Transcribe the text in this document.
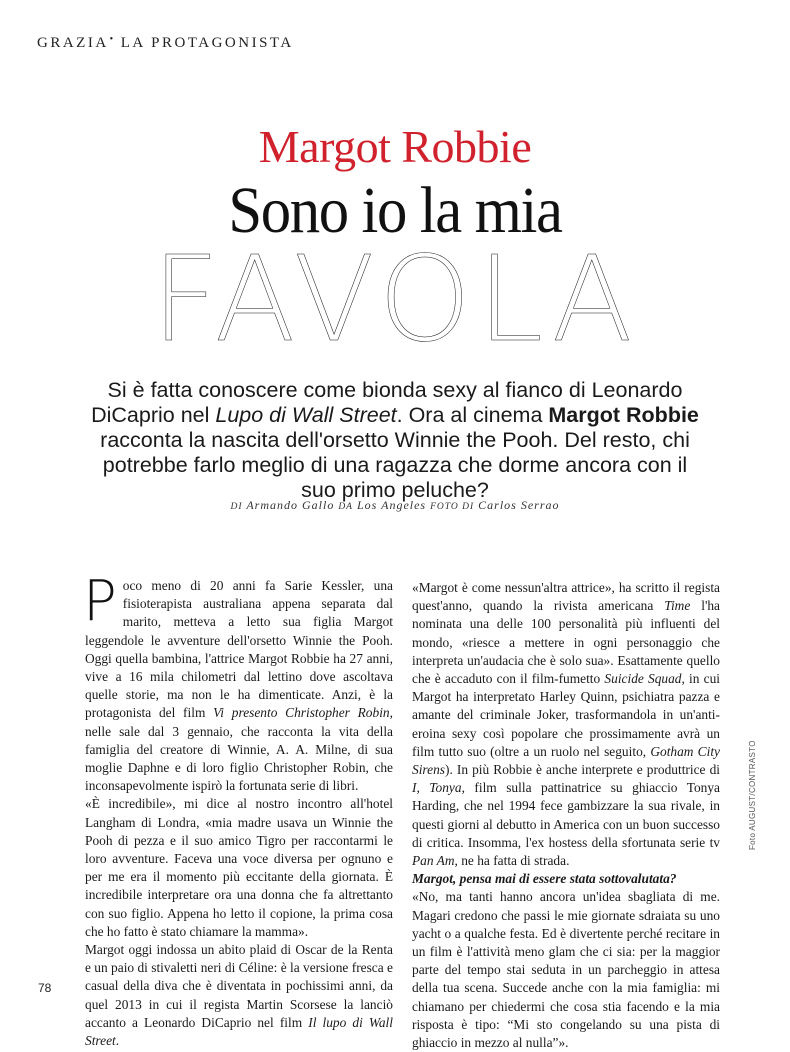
GRAZIA• LA PROTAGONISTA
Margot Robbie
Sono io la mia
FAVOLA
Si è fatta conoscere come bionda sexy al fianco di Leonardo DiCaprio nel Lupo di Wall Street. Ora al cinema Margot Robbie racconta la nascita dell'orsetto Winnie the Pooh. Del resto, chi potrebbe farlo meglio di una ragazza che dorme ancora con il suo primo peluche?
DI Armando Gallo DA Los Angeles FOTO DI Carlos Serrao

Poco meno di 20 anni fa Sarie Kessler, una fisioterapista australiana appena separata dal marito, metteva a letto sua figlia Margot leggendole le avventure dell'orsetto Winnie the Pooh. Oggi quella bambina, l'attrice Margot Robbie ha 27 anni, vive a 16 mila chilometri dal lettino dove ascoltava quelle storie, ma non le ha dimenticate. Anzi, è la protagonista del film Vi presento Christopher Robin, nelle sale dal 3 gennaio, che racconta la vita della famiglia del creatore di Winnie, A. A. Milne, di sua moglie Daphne e di loro figlio Christopher Robin, che inconsapevolmente ispirò la fortunata serie di libri.

«È incredibile», mi dice al nostro incontro all'hotel Langham di Londra, «mia madre usava un Winnie the Pooh di pezza e il suo amico Tigro per raccontarmi le loro avventure. Faceva una voce diversa per ognuno e per me era il momento più eccitante della giornata. È incredibile interpretare ora una donna che fa altrettanto con suo figlio. Appena ho letto il copione, la prima cosa che ho fatto è stato chiamare la mamma».

Margot oggi indossa un abito plaid di Oscar de la Renta e un paio di stivaletti neri di Céline: è la versione fresca e casual della diva che è diventata in pochissimi anni, da quel 2013 in cui il regista Martin Scorsese la lanciò accanto a Leonardo DiCaprio nel film Il lupo di Wall Street.

«Margot è come nessun'altra attrice», ha scritto il regista quest'anno, quando la rivista americana Time l'ha nominata una delle 100 personalità più influenti del mondo, «riesce a mettere in ogni personaggio che interpreta un'audacia che è solo sua». Esattamente quello che è accaduto con il film-fumetto Suicide Squad, in cui Margot ha interpretato Harley Quinn, psichiatra pazza e amante del criminale Joker, trasformandola in un'anti-eroina sexy così popolare che prossimamente avrà un film tutto suo (oltre a un ruolo nel seguito, Gotham City Sirens). In più Robbie è anche interprete e produttrice di I, Tonya, film sulla pattinatrice su ghiaccio Tonya Harding, che nel 1994 fece gambizzare la sua rivale, in questi giorni al debutto in America con un buon successo di critica. Insomma, l'ex hostess della sfortunata serie tv Pan Am, ne ha fatta di strada.

Margot, pensa mai di essere stata sottovalutata?

«No, ma tanti hanno ancora un'idea sbagliata di me. Magari credono che passi le mie giornate sdraiata su uno yacht o a qualche festa. Ed è divertente perché recitare in un film è l'attività meno glam che ci sia: per la maggior parte del tempo stai seduta in un parcheggio in attesa della tua scena. Succede anche con la mia famiglia: mi chiamano per chiedermi che cosa stia facendo e la mia risposta è tipo: “Mi sto congelando su una pista di ghiaccio in mezzo al nulla”».

Foto AUGUST/CONTRASTO
78
